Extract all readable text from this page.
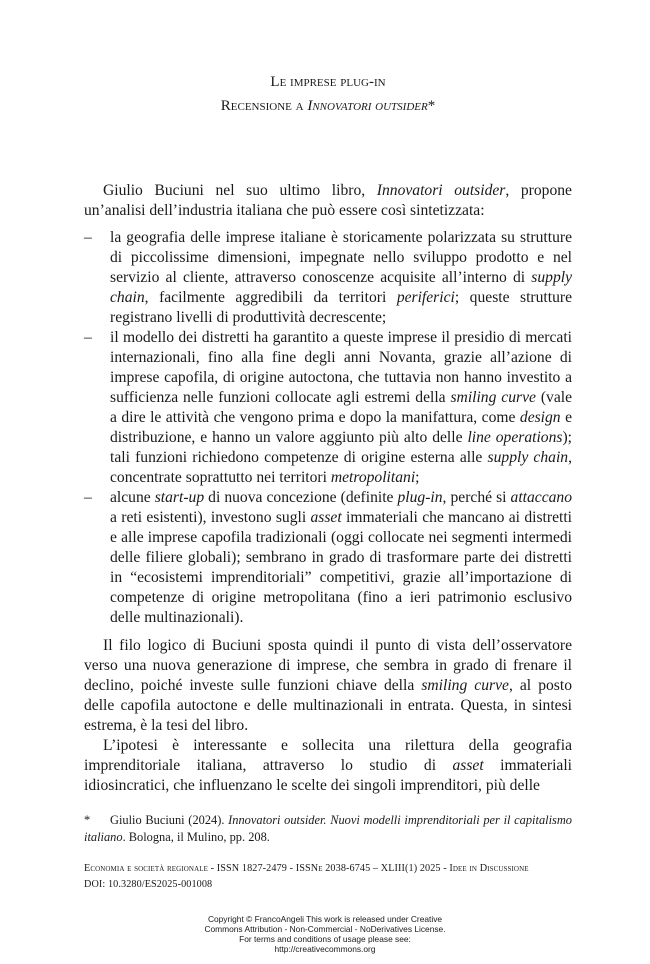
Le imprese plug-in
Recensione a Innovatori outsider*

Giulio Buciuni nel suo ultimo libro, Innovatori outsider, propone un’analisi dell’industria italiana che può essere così sintetizzata:

– la geografia delle imprese italiane è storicamente polarizzata su strutture di piccolissime dimensioni, impegnate nello sviluppo prodotto e nel servizio al cliente, attraverso conoscenze acquisite all’interno di supply chain, facilmente aggredibili da territori periferici; queste strutture registrano livelli di produttività decrescente;
– il modello dei distretti ha garantito a queste imprese il presidio di mercati internazionali, fino alla fine degli anni Novanta, grazie all’azione di imprese capofila, di origine autoctona, che tuttavia non hanno investito a sufficienza nelle funzioni collocate agli estremi della smiling curve (vale a dire le attività che vengono prima e dopo la manifattura, come design e distribuzione, e hanno un valore aggiunto più alto delle line operations); tali funzioni richiedono competenze di origine esterna alle supply chain, concentrate soprattutto nei territori metropolitani;
– alcune start-up di nuova concezione (definite plug-in, perché si attaccano a reti esistenti), investono sugli asset immateriali che mancano ai distretti e alle imprese capofila tradizionali (oggi collocate nei segmenti intermedi delle filiere globali); sembrano in grado di trasformare parte dei distretti in “ecosistemi imprenditoriali” competitivi, grazie all’importazione di competenze di origine metropolitana (fino a ieri patrimonio esclusivo delle multinazionali).

Il filo logico di Buciuni sposta quindi il punto di vista dell’osservatore verso una nuova generazione di imprese, che sembra in grado di frenare il declino, poiché investe sulle funzioni chiave della smiling curve, al posto delle capofila autoctone e delle multinazionali in entrata. Questa, in sintesi estrema, è la tesi del libro.

L’ipotesi è interessante e sollecita una rilettura della geografia imprenditoriale italiana, attraverso lo studio di asset immateriali idiosincratici, che influenzano le scelte dei singoli imprenditori, più delle

* Giulio Buciuni (2024). Innovatori outsider. Nuovi modelli imprenditoriali per il capitalismo italiano. Bologna, il Mulino, pp. 208.
Economia e società regionale - ISSN 1827-2479 - ISSNe 2038-6745 – XLIII(1) 2025 - Idee in Discussione
DOI: 10.3280/ES2025-001008
Copyright © FrancoAngeli This work is released under Creative
Commons Attribution - Non-Commercial - NoDerivatives License.
For terms and conditions of usage please see:
http://creativecommons.org
